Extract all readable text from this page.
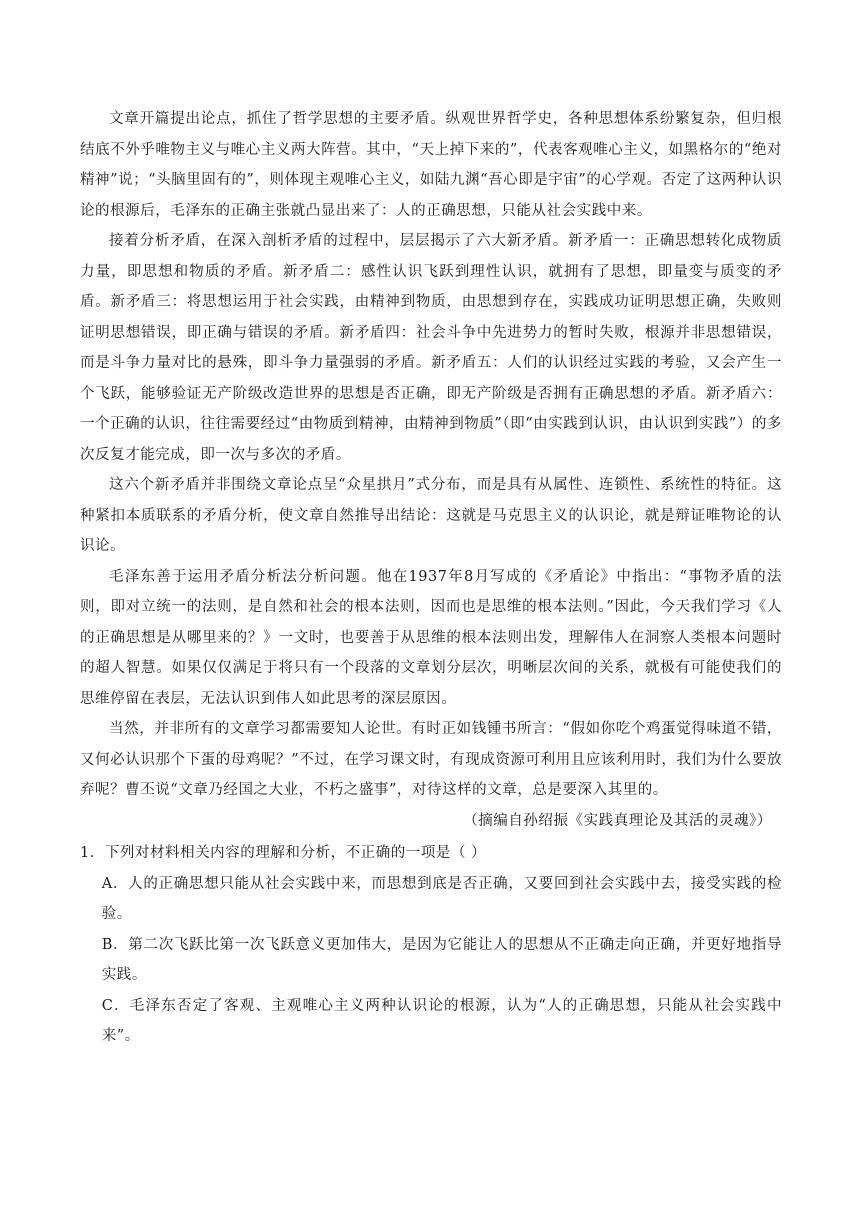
文章开篇提出论点，抓住了哲学思想的主要矛盾。纵观世界哲学史，各种思想体系纷繁复杂，但归根结底不外乎唯物主义与唯心主义两大阵营。其中，“天上掉下来的”，代表客观唯心主义，如黑格尔的“绝对精神”说；“头脑里固有的”，则体现主观唯心主义，如陆九渊“吾心即是宇宙”的心学观。否定了这两种认识论的根源后，毛泽东的正确主张就凸显出来了：人的正确思想，只能从社会实践中来。

接着分析矛盾，在深入剖析矛盾的过程中，层层揭示了六大新矛盾。新矛盾一：正确思想转化成物质力量，即思想和物质的矛盾。新矛盾二：感性认识飞跃到理性认识，就拥有了思想，即量变与质变的矛盾。新矛盾三：将思想运用于社会实践，由精神到物质，由思想到存在，实践成功证明思想正确，失败则证明思想错误，即正确与错误的矛盾。新矛盾四：社会斗争中先进势力的暂时失败，根源并非思想错误，而是斗争力量对比的悬殊，即斗争力量强弱的矛盾。新矛盾五：人们的认识经过实践的考验，又会产生一个飞跃，能够验证无产阶级改造世界的思想是否正确，即无产阶级是否拥有正确思想的矛盾。新矛盾六：一个正确的认识，往往需要经过“由物质到精神，由精神到物质”（即“由实践到认识，由认识到实践”）的多次反复才能完成，即一次与多次的矛盾。

这六个新矛盾并非围绕文章论点呈“众星拱月”式分布，而是具有从属性、连锁性、系统性的特征。这种紧扣本质联系的矛盾分析，使文章自然推导出结论：这就是马克思主义的认识论，就是辩证唯物论的认识论。

毛泽东善于运用矛盾分析法分析问题。他在1937年8月写成的《矛盾论》中指出：“事物矛盾的法则，即对立统一的法则，是自然和社会的根本法则，因而也是思维的根本法则。”因此，今天我们学习《人的正确思想是从哪里来的？》一文时，也要善于从思维的根本法则出发，理解伟人在洞察人类根本问题时的超人智慧。如果仅仅满足于将只有一个段落的文章划分层次，明晰层次间的关系，就极有可能使我们的思维停留在表层，无法认识到伟人如此思考的深层原因。

当然，并非所有的文章学习都需要知人论世。有时正如钱锺书所言：“假如你吃个鸡蛋觉得味道不错，又何必认识那个下蛋的母鸡呢？”不过，在学习课文时，有现成资源可利用且应该利用时，我们为什么要放弃呢？曹丕说“文章乃经国之大业，不朽之盛事”，对待这样的文章，总是要深入其里的。

（摘编自孙绍振《实践真理论及其活的灵魂》）

1．下列对材料相关内容的理解和分析，不正确的一项是（ ）

A．人的正确思想只能从社会实践中来，而思想到底是否正确，又要回到社会实践中去，接受实践的检验。

B．第二次飞跃比第一次飞跃意义更加伟大，是因为它能让人的思想从不正确走向正确，并更好地指导实践。

C．毛泽东否定了客观、主观唯心主义两种认识论的根源，认为“人的正确思想，只能从社会实践中来”。
